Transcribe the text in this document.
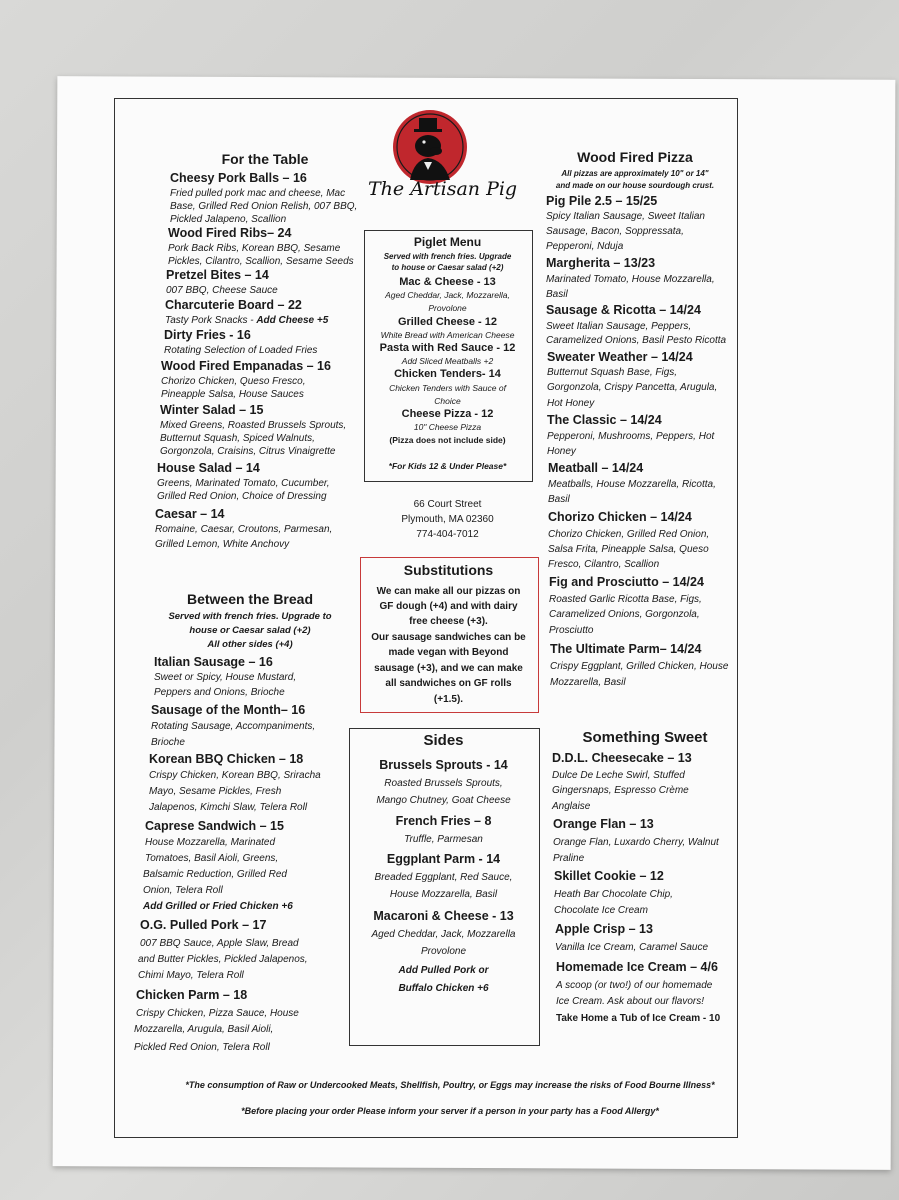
The Artisan Pig
For the Table
Cheesy Pork Balls – 16
Fried pulled pork mac and cheese, Mac
Base, Grilled Red Onion Relish, 007 BBQ,
Pickled Jalapeno, Scallion
Wood Fired Ribs– 24
Pork Back Ribs, Korean BBQ, Sesame
Pickles, Cilantro, Scallion, Sesame Seeds
Pretzel Bites – 14
007 BBQ, Cheese Sauce
Charcuterie Board – 22
Tasty Pork Snacks - Add Cheese +5
Dirty Fries - 16
Rotating Selection of Loaded Fries
Wood Fired Empanadas – 16
Chorizo Chicken, Queso Fresco,
Pineapple Salsa, House Sauces
Winter Salad – 15
Mixed Greens, Roasted Brussels Sprouts,
Butternut Squash, Spiced Walnuts,
Gorgonzola, Craisins, Citrus Vinaigrette
House Salad – 14
Greens, Marinated Tomato, Cucumber,
Grilled Red Onion, Choice of Dressing
Caesar – 14
Romaine, Caesar, Croutons, Parmesan,
Grilled Lemon, White Anchovy
Between the Bread
Served with french fries. Upgrade to
house or Caesar salad (+2)
All other sides (+4)
Italian Sausage – 16
Sweet or Spicy, House Mustard,
Peppers and Onions, Brioche
Sausage of the Month– 16
Rotating Sausage, Accompaniments,
Brioche
Korean BBQ Chicken – 18
Crispy Chicken, Korean BBQ, Sriracha
Mayo, Sesame Pickles, Fresh
Jalapenos, Kimchi Slaw, Telera Roll
Caprese Sandwich – 15
House Mozzarella, Marinated
Tomatoes, Basil Aioli, Greens,
Balsamic Reduction, Grilled Red
Onion, Telera Roll
Add Grilled or Fried Chicken +6
O.G. Pulled Pork – 17
007 BBQ Sauce, Apple Slaw, Bread
and Butter Pickles, Pickled Jalapenos,
Chimi Mayo, Telera Roll
Chicken Parm – 18
Crispy Chicken, Pizza Sauce, House
Mozzarella, Arugula, Basil Aioli,
Pickled Red Onion, Telera Roll
Piglet Menu
Served with french fries. Upgrade
to house or Caesar salad (+2)
Mac & Cheese - 13
Aged Cheddar, Jack, Mozzarella,
Provolone
Grilled Cheese - 12
White Bread with American Cheese
Pasta with Red Sauce - 12
Add Sliced Meatballs +2
Chicken Tenders- 14
Chicken Tenders with Sauce of
Choice
Cheese Pizza - 12
10" Cheese Pizza
(Pizza does not include side)
*For Kids 12 & Under Please*
66 Court Street
Plymouth, MA 02360
774-404-7012
Substitutions
We can make all our pizzas on
GF dough (+4) and with dairy
free cheese (+3).
Our sausage sandwiches can be
made vegan with Beyond
sausage (+3), and we can make
all sandwiches on GF rolls
(+1.5).
Sides
Brussels Sprouts - 14
Roasted Brussels Sprouts,
Mango Chutney, Goat Cheese
French Fries – 8
Truffle, Parmesan
Eggplant Parm - 14
Breaded Eggplant, Red Sauce,
House Mozzarella, Basil
Macaroni & Cheese - 13
Aged Cheddar, Jack, Mozzarella
Provolone
Add Pulled Pork or
Buffalo Chicken +6
Wood Fired Pizza
All pizzas are approximately 10" or 14"
and made on our house sourdough crust.
Pig Pile 2.5 – 15/25
Spicy Italian Sausage, Sweet Italian
Sausage, Bacon, Soppressata,
Pepperoni, Nduja
Margherita – 13/23
Marinated Tomato, House Mozzarella,
Basil
Sausage & Ricotta – 14/24
Sweet Italian Sausage, Peppers,
Caramelized Onions, Basil Pesto Ricotta
Sweater Weather – 14/24
Butternut Squash Base, Figs,
Gorgonzola, Crispy Pancetta, Arugula,
Hot Honey
The Classic – 14/24
Pepperoni, Mushrooms, Peppers, Hot
Honey
Meatball – 14/24
Meatballs, House Mozzarella, Ricotta,
Basil
Chorizo Chicken – 14/24
Chorizo Chicken, Grilled Red Onion,
Salsa Frita, Pineapple Salsa, Queso
Fresco, Cilantro, Scallion
Fig and Prosciutto – 14/24
Roasted Garlic Ricotta Base, Figs,
Caramelized Onions, Gorgonzola,
Prosciutto
The Ultimate Parm– 14/24
Crispy Eggplant, Grilled Chicken, House
Mozzarella, Basil
Something Sweet
D.D.L. Cheesecake – 13
Dulce De Leche Swirl, Stuffed
Gingersnaps, Espresso Crème
Anglaise
Orange Flan – 13
Orange Flan, Luxardo Cherry, Walnut
Praline
Skillet Cookie – 12
Heath Bar Chocolate Chip,
Chocolate Ice Cream
Apple Crisp – 13
Vanilla Ice Cream, Caramel Sauce
Homemade Ice Cream – 4/6
A scoop (or two!) of our homemade
Ice Cream. Ask about our flavors!
Take Home a Tub of Ice Cream - 10
*The consumption of Raw or Undercooked Meats, Shellfish, Poultry, or Eggs may increase the risks of Food Bourne Illness*
*Before placing your order Please inform your server if a person in your party has a Food Allergy*
